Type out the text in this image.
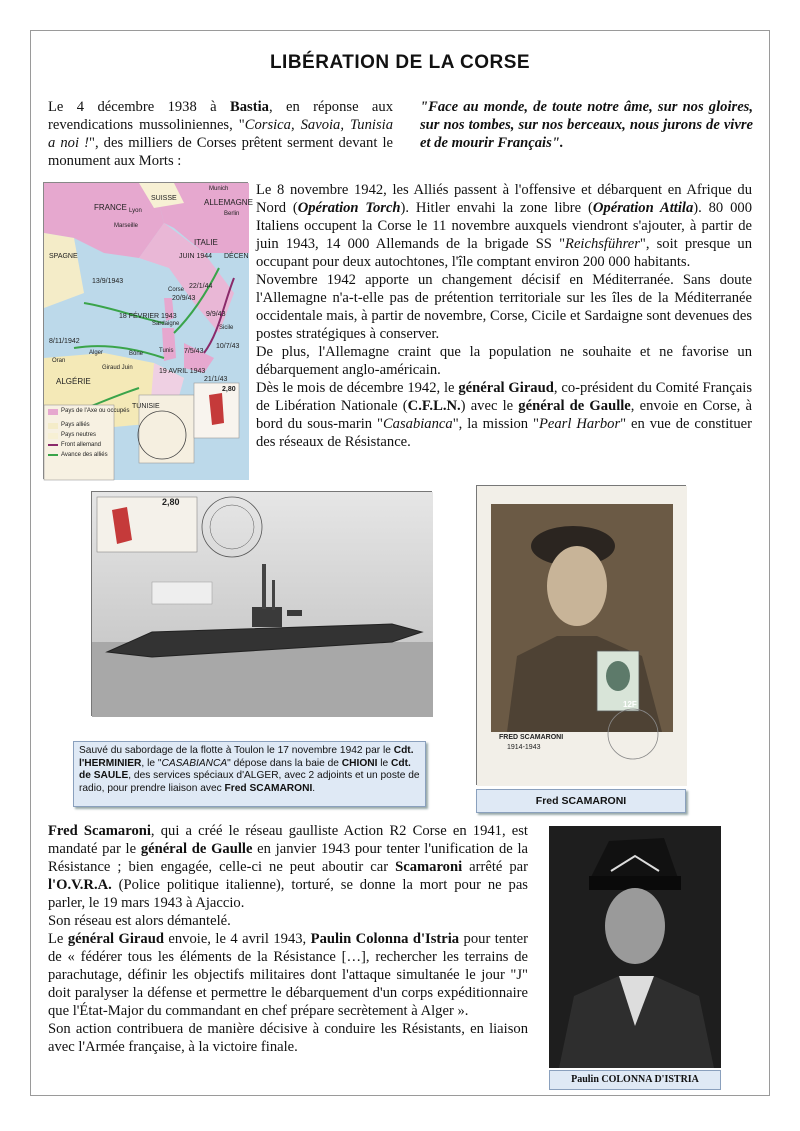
LIBÉRATION DE LA CORSE
Le 4 décembre 1938 à Bastia, en réponse aux revendications mussoliniennes, "Corsica, Savoia, Tunisia a noi !", des milliers de Corses prêtent serment devant le monument aux Morts :
"Face au monde, de toute notre âme, sur nos gloires, sur nos tombes, sur nos berceaux, nous jurons de vivre et de mourir Français".
FRANCE
SUISSE	ALLEMAGNE
ITALIE
SPAGNE
ALGÉRIE
TUNISIE
JUIN 1944
13/9/1943
18 FÉVRIER 1943
8/11/1942
19 AVRIL 1943
21/1/43
22/1/44
20/9/43
9/9/43
7/5/43
10/7/43
Corse
Sardaigne
Sicile
Alger
Oran
Bône	Tunis
Giraud Juin
Marseille
Lyon
Munich
Berlin
DÉCEN
Pays de l'Axe ou occupés
Pays alliés
Pays neutres
Front allemand
Avance des alliés
2,80
Le 8 novembre 1942, les Alliés passent à l'offensive et débarquent en Afrique du Nord (Opération Torch). Hitler envahi la zone libre (Opération Attila). 80 000 Italiens occupent la Corse le 11 novembre auxquels viendront s'ajouter, à partir de juin 1943, 14 000 Allemands de la brigade SS "Reichsführer", soit presque un occupant pour deux autochtones, l'île comptant environ 200 000 habitants.
Novembre 1942 apporte un changement décisif en Méditerranée. Sans doute l'Allemagne n'a-t-elle pas de prétention territoriale sur les îles de la Méditerranée occidentale mais, à partir de novembre, Corse, Cicile et Sardaigne sont devenues des postes stratégiques à conserver.
De plus, l'Allemagne craint que la population ne souhaite et ne favorise un débarquement anglo-américain.
Dès le mois de décembre 1942, le général Giraud, co-président du Comité Français de Libération Nationale (C.F.L.N.) avec le général de Gaulle, envoie en Corse, à bord du sous-marin "Casabianca", la mission "Pearl Harbor" en vue de constituer des réseaux de Résistance.
2,80
Sauvé du sabordage de la flotte à Toulon le 17 novembre 1942 par le Cdt. l'HERMINIER, le "CASABIANCA" dépose dans la baie de CHIONI le Cdt. de SAULE, des services spéciaux d'ALGER, avec 2 adjoints et un poste de radio, pour prendre liaison avec Fred SCAMARONI.
FRED SCAMARONI
1914-1943
12F
Fred SCAMARONI
Fred Scamaroni, qui a créé le réseau gaulliste Action R2 Corse en 1941, est mandaté par le général de Gaulle en janvier 1943 pour tenter l'unification de la Résistance ; bien engagée, celle-ci ne peut aboutir car Scamaroni arrêté par l'O.V.R.A. (Police politique italienne), torturé, se donne la mort pour ne pas parler, le 19 mars 1943 à Ajaccio.
Son réseau est alors démantelé.
Le général Giraud envoie, le 4 avril 1943, Paulin Colonna d'Istria pour tenter de « fédérer tous les éléments de la Résistance […], rechercher les terrains de parachutage, définir les objectifs militaires dont l'attaque simultanée le jour "J" doit paralyser la défense et permettre le débarquement d'un corps expéditionnaire que l'État-Major du commandant en chef prépare secrètement à Alger ».
Son action contribuera de manière décisive à conduire les Résistants, en liaison avec l'Armée française, à la victoire finale.
Paulin COLONNA D'ISTRIA
